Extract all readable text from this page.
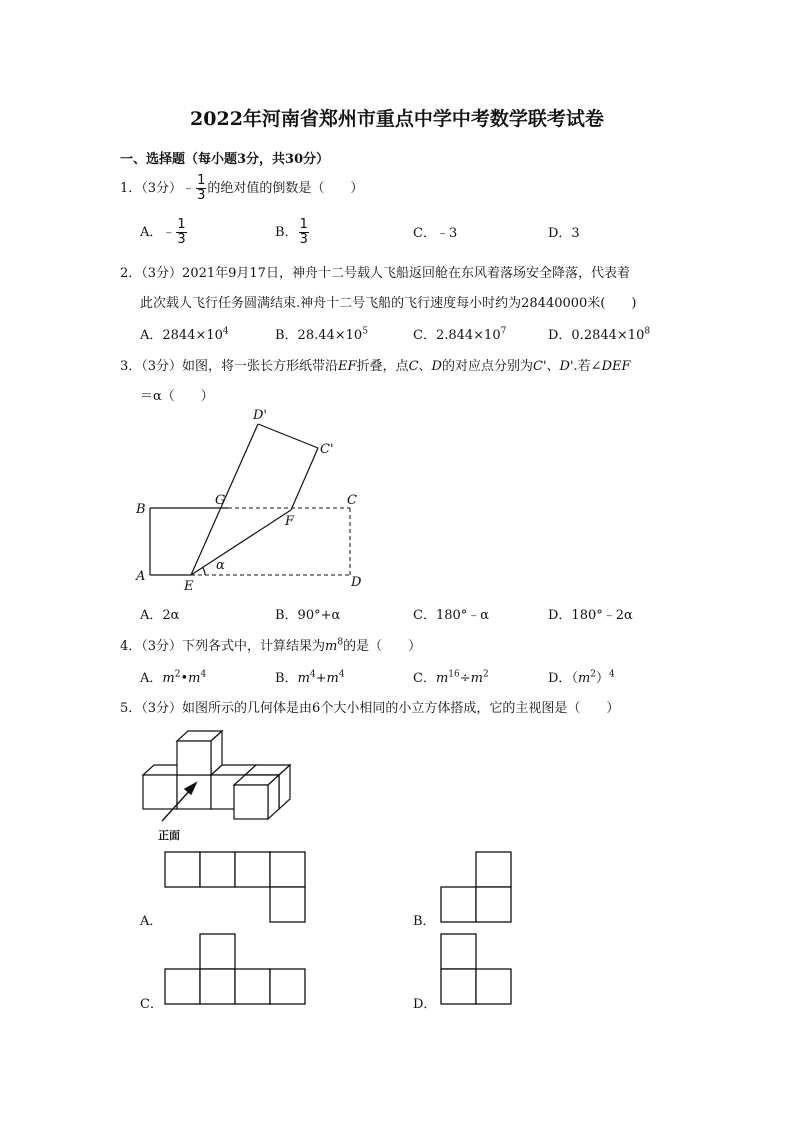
2022年河南省郑州市重点中学中考数学联考试卷
一、选择题（每小题3分，共30分）
1．（3分）﹣ $\frac{1}{3}$ 的绝对值的倒数是（　　）
A．﹣ $\frac{1}{3}$	B． $\frac{1}{3}$	C．﹣3	D．3
2．（3分）2021年9月17日，神舟十二号载人飞船返回舱在东风着落场安全降落，代表着
此次载人飞行任务圆满结束.神舟十二号飞船的飞行速度每小时约为28440000米(　　)
A．$2844\times 10^4$	B．$28.44\times 10^5$	C．$2.844\times 10^7$	D．$0.2844\times 10^8$
3．（3分）如图，将一张长方形纸带沿EF折叠，点C、D的对应点分别为C'、D'.若∠DEF
＝α（　　）
D'
C'
B
G	C
F
α
A
E	D
A．2α	B．90°+α	C．180°﹣α	D．180°﹣2α
4．（3分）下列各式中，计算结果为$m^8$的是（　　）
A．$m^2•m^4$	B．$m^4+m^4$	C．$m^{16}\div m^2$	D．$(m^2)^4$
5．（3分）如图所示的几何体是由6个大小相同的小立方体搭成，它的主视图是（　　）
正面
A．	B．
C．	D．
